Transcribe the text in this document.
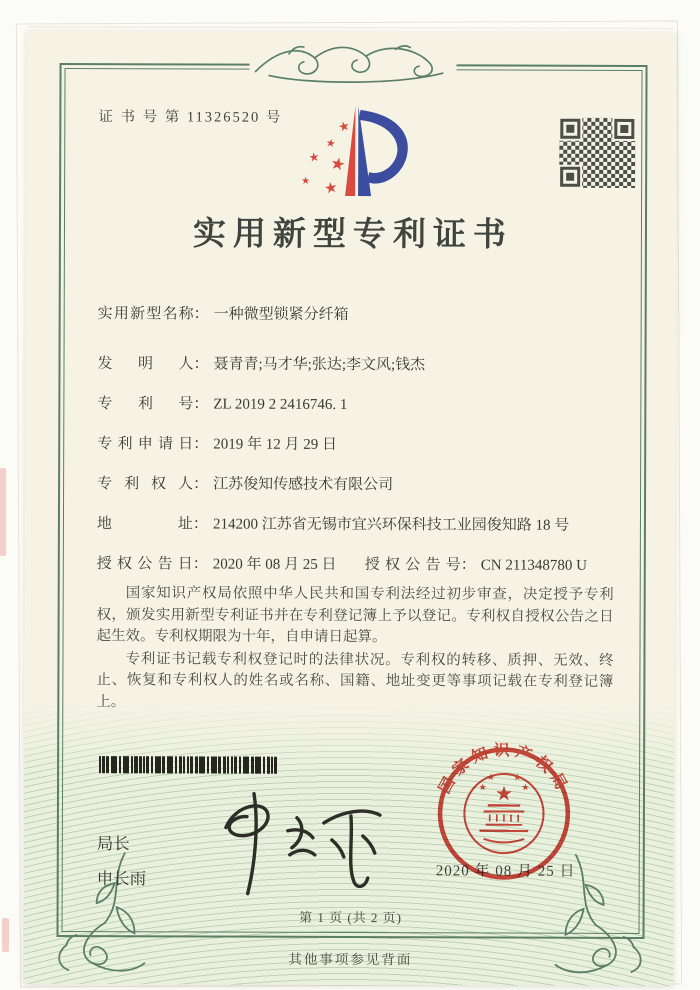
证 书 号 第 11326520 号
★
★
★ ★
★ ★
实用新型专利证书
实用新型名称： 一种微型锁紧分纤箱
发明人： 聂青青;马才华;张达;李文风;钱杰
专利号： ZL 2019 2 2416746. 1
专利申请日： 2019 年 12 月 29 日
专利权人： 江苏俊知传感技术有限公司
地址： 214200 江苏省无锡市宜兴环保科技工业园俊知路 18 号
授权公告日： 2020 年 08 月 25 日 授权公告号： CN 211348780 U

国家知识产权局依照中华人民共和国专利法经过初步审查，决定授予专利权，颁发实用新型专利证书并在专利登记簿上予以登记。专利权自授权公告之日起生效。专利权期限为十年，自申请日起算。

专利证书记载专利权登记时的法律状况。专利权的转移、质押、无效、终止、恢复和专利权人的姓名或名称、国籍、地址变更等事项记载在专利登记簿上。

局长
申长雨
国家知识产权局
★
★
★ ★
★
2020 年 08 月 25 日
第 1 页 (共 2 页)
其他事项参见背面
